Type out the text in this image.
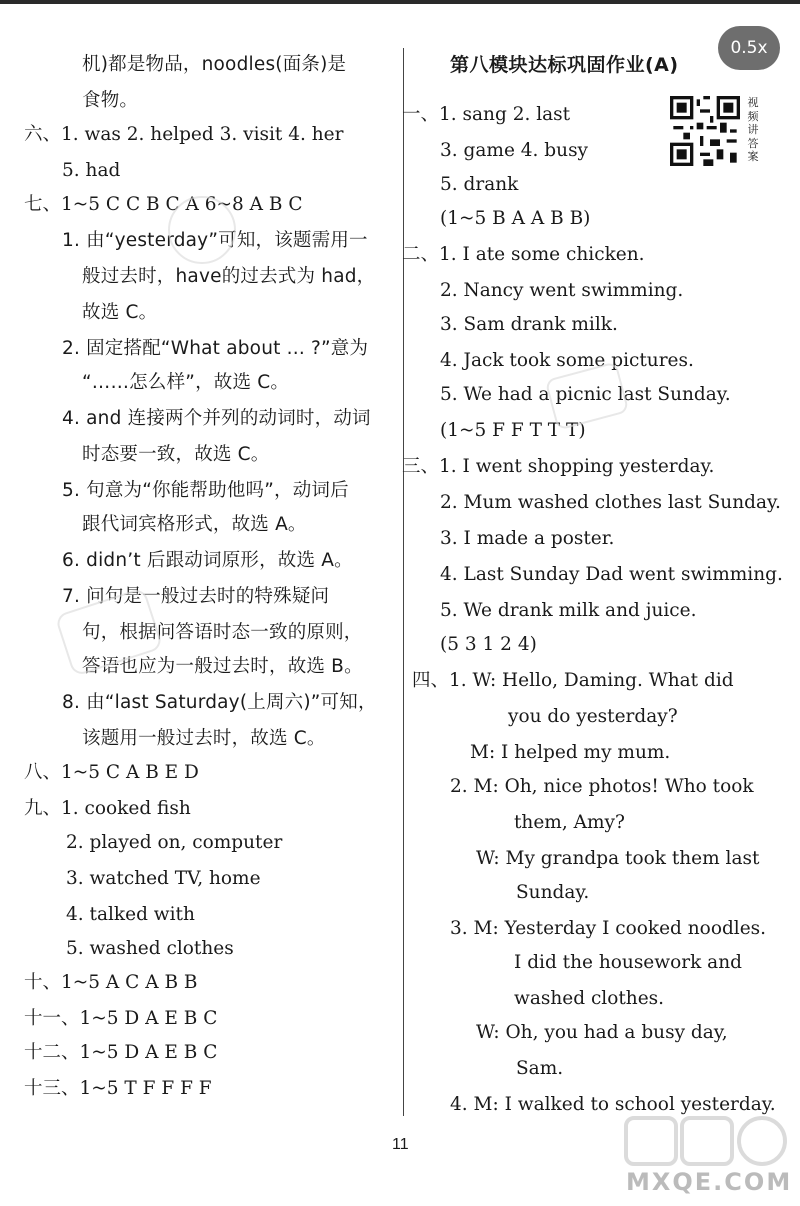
0.5x
机)都是物品，noodles(面条)是
食物。
六、1. was 2. helped 3. visit 4. her
5. had
七、1~5 C C B C A 6~8 A B C
1. 由“yesterday”可知，该题需用一
般过去时，have的过去式为 had，
故选 C。
2. 固定搭配“What about ... ?”意为
“……怎么样”，故选 C。
4. and 连接两个并列的动词时，动词
时态要一致，故选 C。
5. 句意为“你能帮助他吗”，动词后
跟代词宾格形式，故选 A。
6. didn’t 后跟动词原形，故选 A。
7. 问句是一般过去时的特殊疑问
句，根据问答语时态一致的原则，
答语也应为一般过去时，故选 B。
8. 由“last Saturday(上周六)”可知，
该题用一般过去时，故选 C。
八、1~5 C A B E D
九、1. cooked fish
2. played on, computer
3. watched TV, home
4. talked with
5. washed clothes
十、1~5 A C A B B
十一、1~5 D A E B C
十二、1~5 D A E B C
十三、1~5 T F F F F
第八模块达标巩固作业(A)
视频讲答案
一、1. sang 2. last
3. game 4. busy
5. drank
(1~5 B A A B B)
二、1. I ate some chicken.
2. Nancy went swimming.
3. Sam drank milk.
4. Jack took some pictures.
5. We had a picnic last Sunday.
(1~5 F F T T T)
三、1. I went shopping yesterday.
2. Mum washed clothes last Sunday.
3. I made a poster.
4. Last Sunday Dad went swimming.
5. We drank milk and juice.
(5 3 1 2 4)
四、1. W: Hello, Daming. What did
you do yesterday?
M: I helped my mum.
2. M: Oh, nice photos! Who took
them, Amy?
W: My grandpa took them last
Sunday.
3. M: Yesterday I cooked noodles.
I did the housework and
washed clothes.
W: Oh, you had a busy day,
Sam.
4. M: I walked to school yesterday.
11
MXQE.COM
